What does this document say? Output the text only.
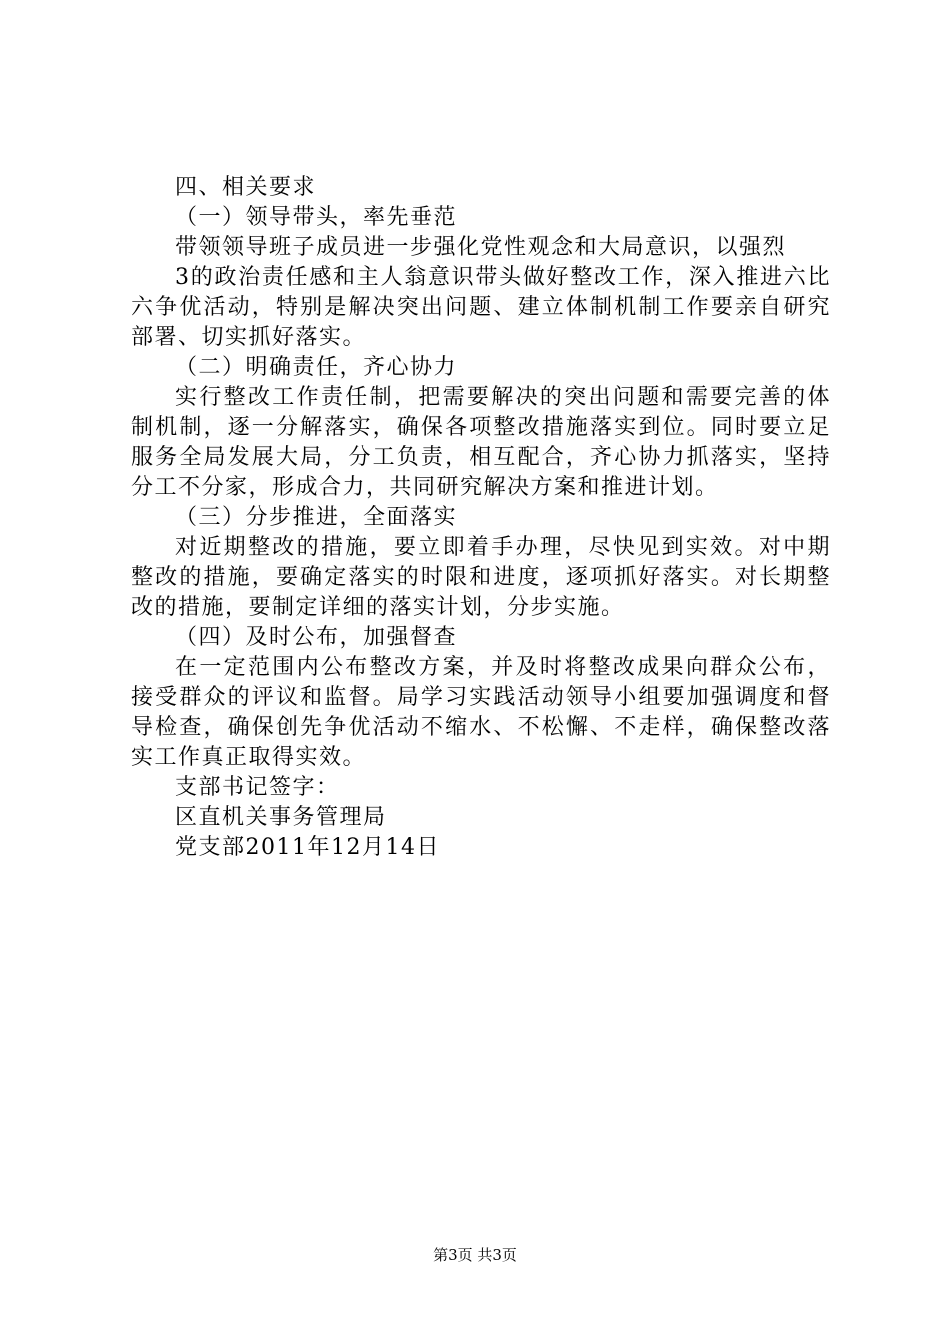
四、相关要求

（一）领导带头，率先垂范

带领领导班子成员进一步强化党性观念和大局意识，以强烈

3的政治责任感和主人翁意识带头做好整改工作，深入推进六比六争优活动，特别是解决突出问题、建立体制机制工作要亲自研究部署、切实抓好落实。

（二）明确责任，齐心协力

实行整改工作责任制，把需要解决的突出问题和需要完善的体制机制，逐一分解落实，确保各项整改措施落实到位。同时要立足服务全局发展大局，分工负责，相互配合，齐心协力抓落实，坚持分工不分家，形成合力，共同研究解决方案和推进计划。

（三）分步推进，全面落实

对近期整改的措施，要立即着手办理，尽快见到实效。对中期整改的措施，要确定落实的时限和进度，逐项抓好落实。对长期整改的措施，要制定详细的落实计划，分步实施。

（四）及时公布，加强督查

在一定范围内公布整改方案，并及时将整改成果向群众公布，接受群众的评议和监督。局学习实践活动领导小组要加强调度和督导检查，确保创先争优活动不缩水、不松懈、不走样，确保整改落实工作真正取得实效。

支部书记签字：

区直机关事务管理局

党支部2011年12月14日

第3页 共3页
